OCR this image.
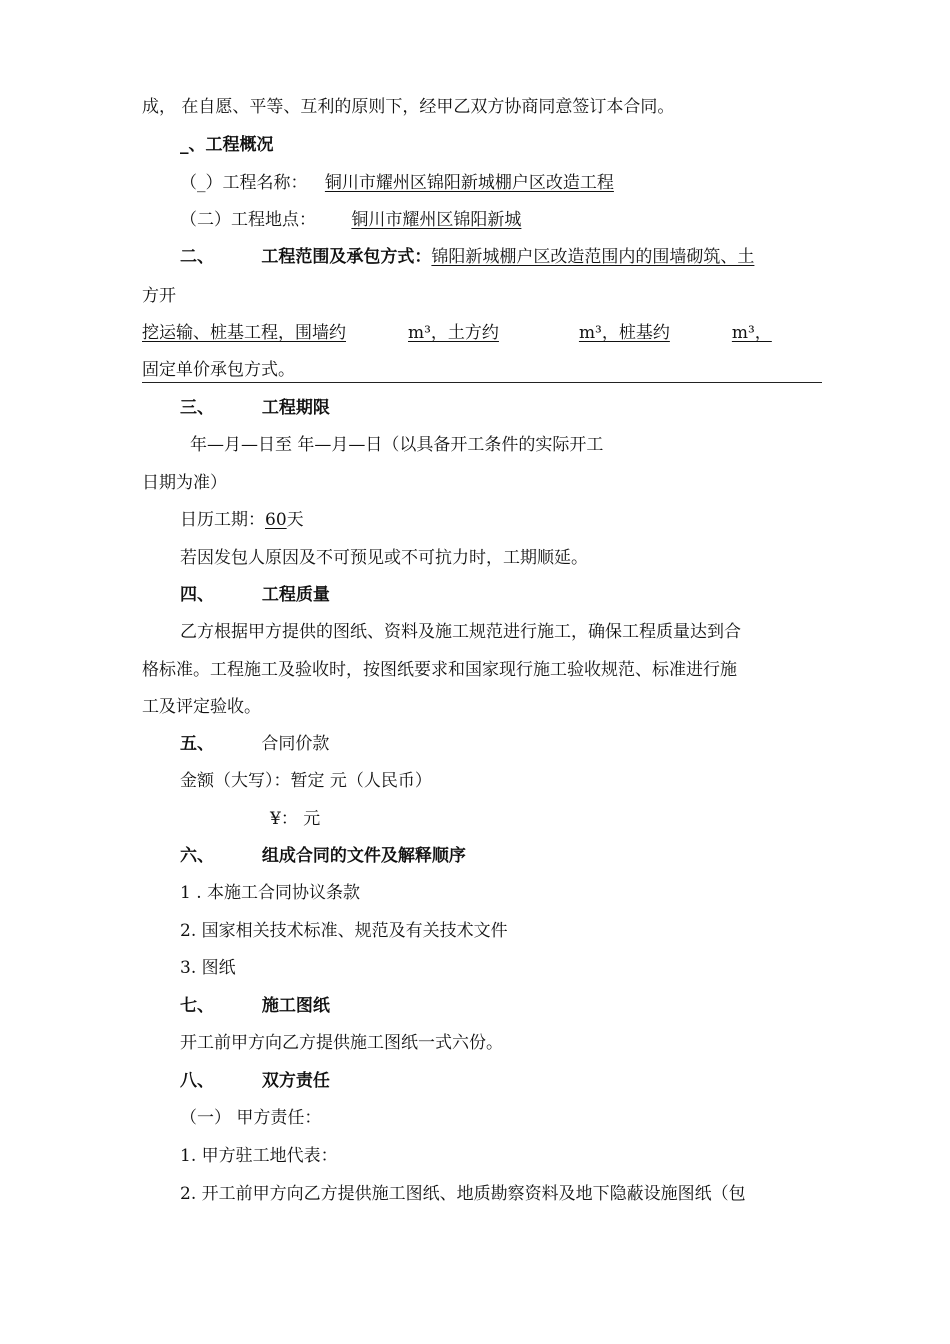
成， 在自愿、平等、互利的原则下，经甲乙双方协商同意签订本合同。
_、工程概况
（_）工程名称： 铜川市耀州区锦阳新城棚户区改造工程
（二）工程地点： 铜川市耀州区锦阳新城
二、	工程范围及承包方式：锦阳新城棚户区改造范围内的围墙砌筑、土
方开
挖运输、桩基工程，围墙约	m³，土方约	m³，桩基约	m³，
固定单价承包方式。
三、	工程期限
年—月—日至 年—月—日（以具备开工条件的实际开工
日期为准）
日历工期：60天
若因发包人原因及不可预见或不可抗力时，工期顺延。
四、	工程质量
乙方根据甲方提供的图纸、资料及施工规范进行施工，确保工程质量达到合
格标准。工程施工及验收时，按图纸要求和国家现行施工验收规范、标准进行施
工及评定验收。
五、	合同价款
金额（大写）：暂定 元（人民币）
¥： 元
六、	组成合同的文件及解释顺序
1 . 本施工合同协议条款
2. 国家相关技术标准、规范及有关技术文件
3. 图纸
七、	施工图纸
开工前甲方向乙方提供施工图纸一式六份。
八、	双方责任
（一） 甲方责任：
1. 甲方驻工地代表：
2. 开工前甲方向乙方提供施工图纸、地质勘察资料及地下隐蔽设施图纸（包
